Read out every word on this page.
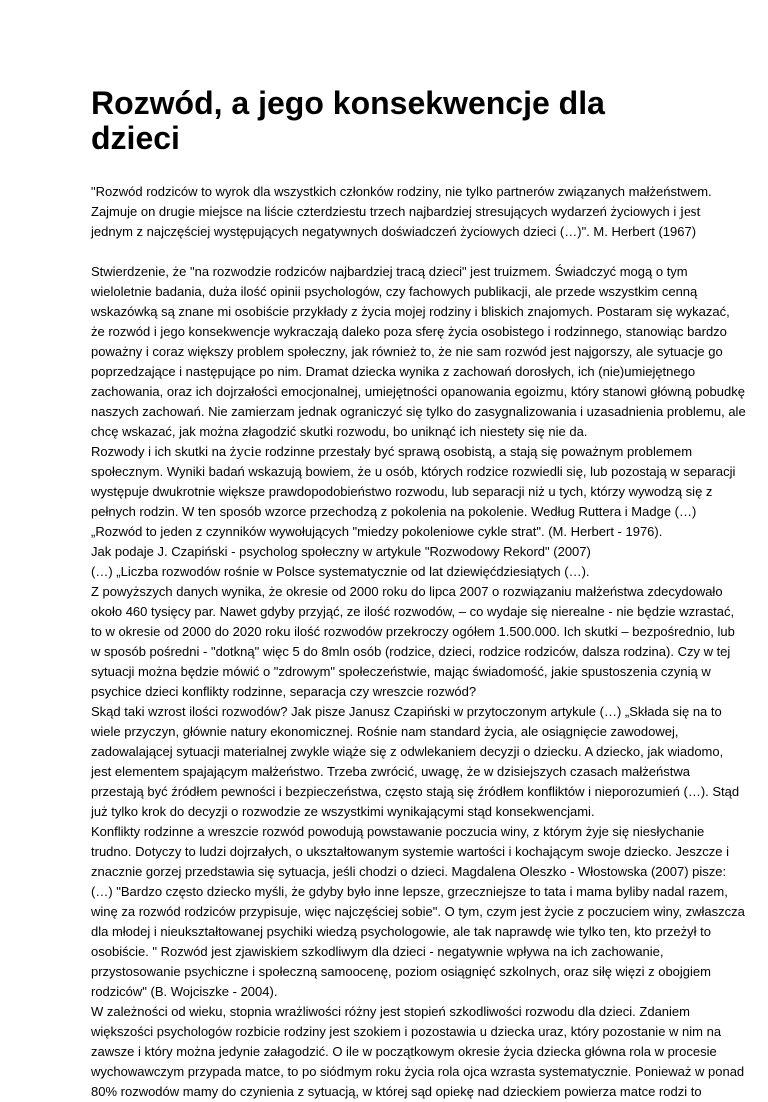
Rozwód, a jego konsekwencje dla
dzieci
"Rozwód rodziców to wyrok dla wszystkich członków rodziny, nie tylko partnerów związanych małżeństwem.
Zajmuje on drugie miejsce na liście czterdziestu trzech najbardziej stresujących wydarzeń życiowych i jest
jednym z najczęściej występujących negatywnych doświadczeń życiowych dzieci (…)". M. Herbert (1967)
Stwierdzenie, że "na rozwodzie rodziców najbardziej tracą dzieci" jest truizmem. Świadczyć mogą o tym
wieloletnie badania, duża ilość opinii psychologów, czy fachowych publikacji, ale przede wszystkim cenną
wskazówką są znane mi osobiście przykłady z życia mojej rodziny i bliskich znajomych. Postaram się wykazać,
że rozwód i jego konsekwencje wykraczają daleko poza sferę życia osobistego i rodzinnego, stanowiąc bardzo
poważny i coraz większy problem społeczny, jak również to, że nie sam rozwód jest najgorszy, ale sytuacje go
poprzedzające i następujące po nim. Dramat dziecka wynika z zachowań dorosłych, ich (nie)umiejętnego
zachowania, oraz ich dojrzałości emocjonalnej, umiejętności opanowania egoizmu, który stanowi główną pobudkę
naszych zachowań. Nie zamierzam jednak ograniczyć się tylko do zasygnalizowania i uzasadnienia problemu, ale
chcę wskazać, jak można złagodzić skutki rozwodu, bo uniknąć ich niestety się nie da.
Rozwody i ich skutki na życie rodzinne przestały być sprawą osobistą, a stają się poważnym problemem
społecznym. Wyniki badań wskazują bowiem, że u osób, których rodzice rozwiedli się, lub pozostają w separacji
występuje dwukrotnie większe prawdopodobieństwo rozwodu, lub separacji niż u tych, którzy wywodzą się z
pełnych rodzin. W ten sposób wzorce przechodzą z pokolenia na pokolenie. Według Ruttera i Madge (…)
„Rozwód to jeden z czynników wywołujących "miedzy pokoleniowe cykle strat". (M. Herbert - 1976).
Jak podaje J. Czapiński - psycholog społeczny w artykule "Rozwodowy Rekord" (2007)
(…) „Liczba rozwodów rośnie w Polsce systematycznie od lat dziewięćdziesiątych (…).
Z powyższych danych wynika, że okresie od 2000 roku do lipca 2007 o rozwiązaniu małżeństwa zdecydowało
około 460 tysięcy par. Nawet gdyby przyjąć, ze ilość rozwodów, – co wydaje się nierealne - nie będzie wzrastać,
to w okresie od 2000 do 2020 roku ilość rozwodów przekroczy ogółem 1.500.000. Ich skutki – bezpośrednio, lub
w sposób pośredni - "dotkną" więc 5 do 8mln osób (rodzice, dzieci, rodzice rodziców, dalsza rodzina). Czy w tej
sytuacji można będzie mówić o "zdrowym" społeczeństwie, mając świadomość, jakie spustoszenia czynią w
psychice dzieci konflikty rodzinne, separacja czy wreszcie rozwód?
Skąd taki wzrost ilości rozwodów? Jak pisze Janusz Czapiński w przytoczonym artykule (…) „Składa się na to
wiele przyczyn, głównie natury ekonomicznej. Rośnie nam standard życia, ale osiągnięcie zawodowej,
zadowalającej sytuacji materialnej zwykle wiąże się z odwlekaniem decyzji o dziecku. A dziecko, jak wiadomo,
jest elementem spajającym małżeństwo. Trzeba zwrócić, uwagę, że w dzisiejszych czasach małżeństwa
przestają być źródłem pewności i bezpieczeństwa, często stają się źródłem konfliktów i nieporozumień (…). Stąd
już tylko krok do decyzji o rozwodzie ze wszystkimi wynikającymi stąd konsekwencjami.
Konflikty rodzinne a wreszcie rozwód powodują powstawanie poczucia winy, z którym żyje się niesłychanie
trudno. Dotyczy to ludzi dojrzałych, o ukształtowanym systemie wartości i kochającym swoje dziecko. Jeszcze i
znacznie gorzej przedstawia się sytuacja, jeśli chodzi o dzieci. Magdalena Oleszko - Włostowska (2007) pisze:
(…) "Bardzo często dziecko myśli, że gdyby było inne lepsze, grzeczniejsze to tata i mama byliby nadal razem,
winę za rozwód rodziców przypisuje, więc najczęściej sobie". O tym, czym jest życie z poczuciem winy, zwłaszcza
dla młodej i nieukształtowanej psychiki wiedzą psychologowie, ale tak naprawdę wie tylko ten, kto przeżył to
osobiście. " Rozwód jest zjawiskiem szkodliwym dla dzieci - negatywnie wpływa na ich zachowanie,
przystosowanie psychiczne i społeczną samoocenę, poziom osiągnięć szkolnych, oraz siłę więzi z obojgiem
rodziców" (B. Wojciszke - 2004).
W zależności od wieku, stopnia wrażliwości różny jest stopień szkodliwości rozwodu dla dzieci. Zdaniem
większości psychologów rozbicie rodziny jest szokiem i pozostawia u dziecka uraz, który pozostanie w nim na
zawsze i który można jedynie załagodzić. O ile w początkowym okresie życia dziecka główna rola w procesie
wychowawczym przypada matce, to po siódmym roku życia rola ojca wzrasta systematycznie. Ponieważ w ponad
80% rozwodów mamy do czynienia z sytuacją, w której sąd opiekę nad dzieckiem powierza matce rodzi to
